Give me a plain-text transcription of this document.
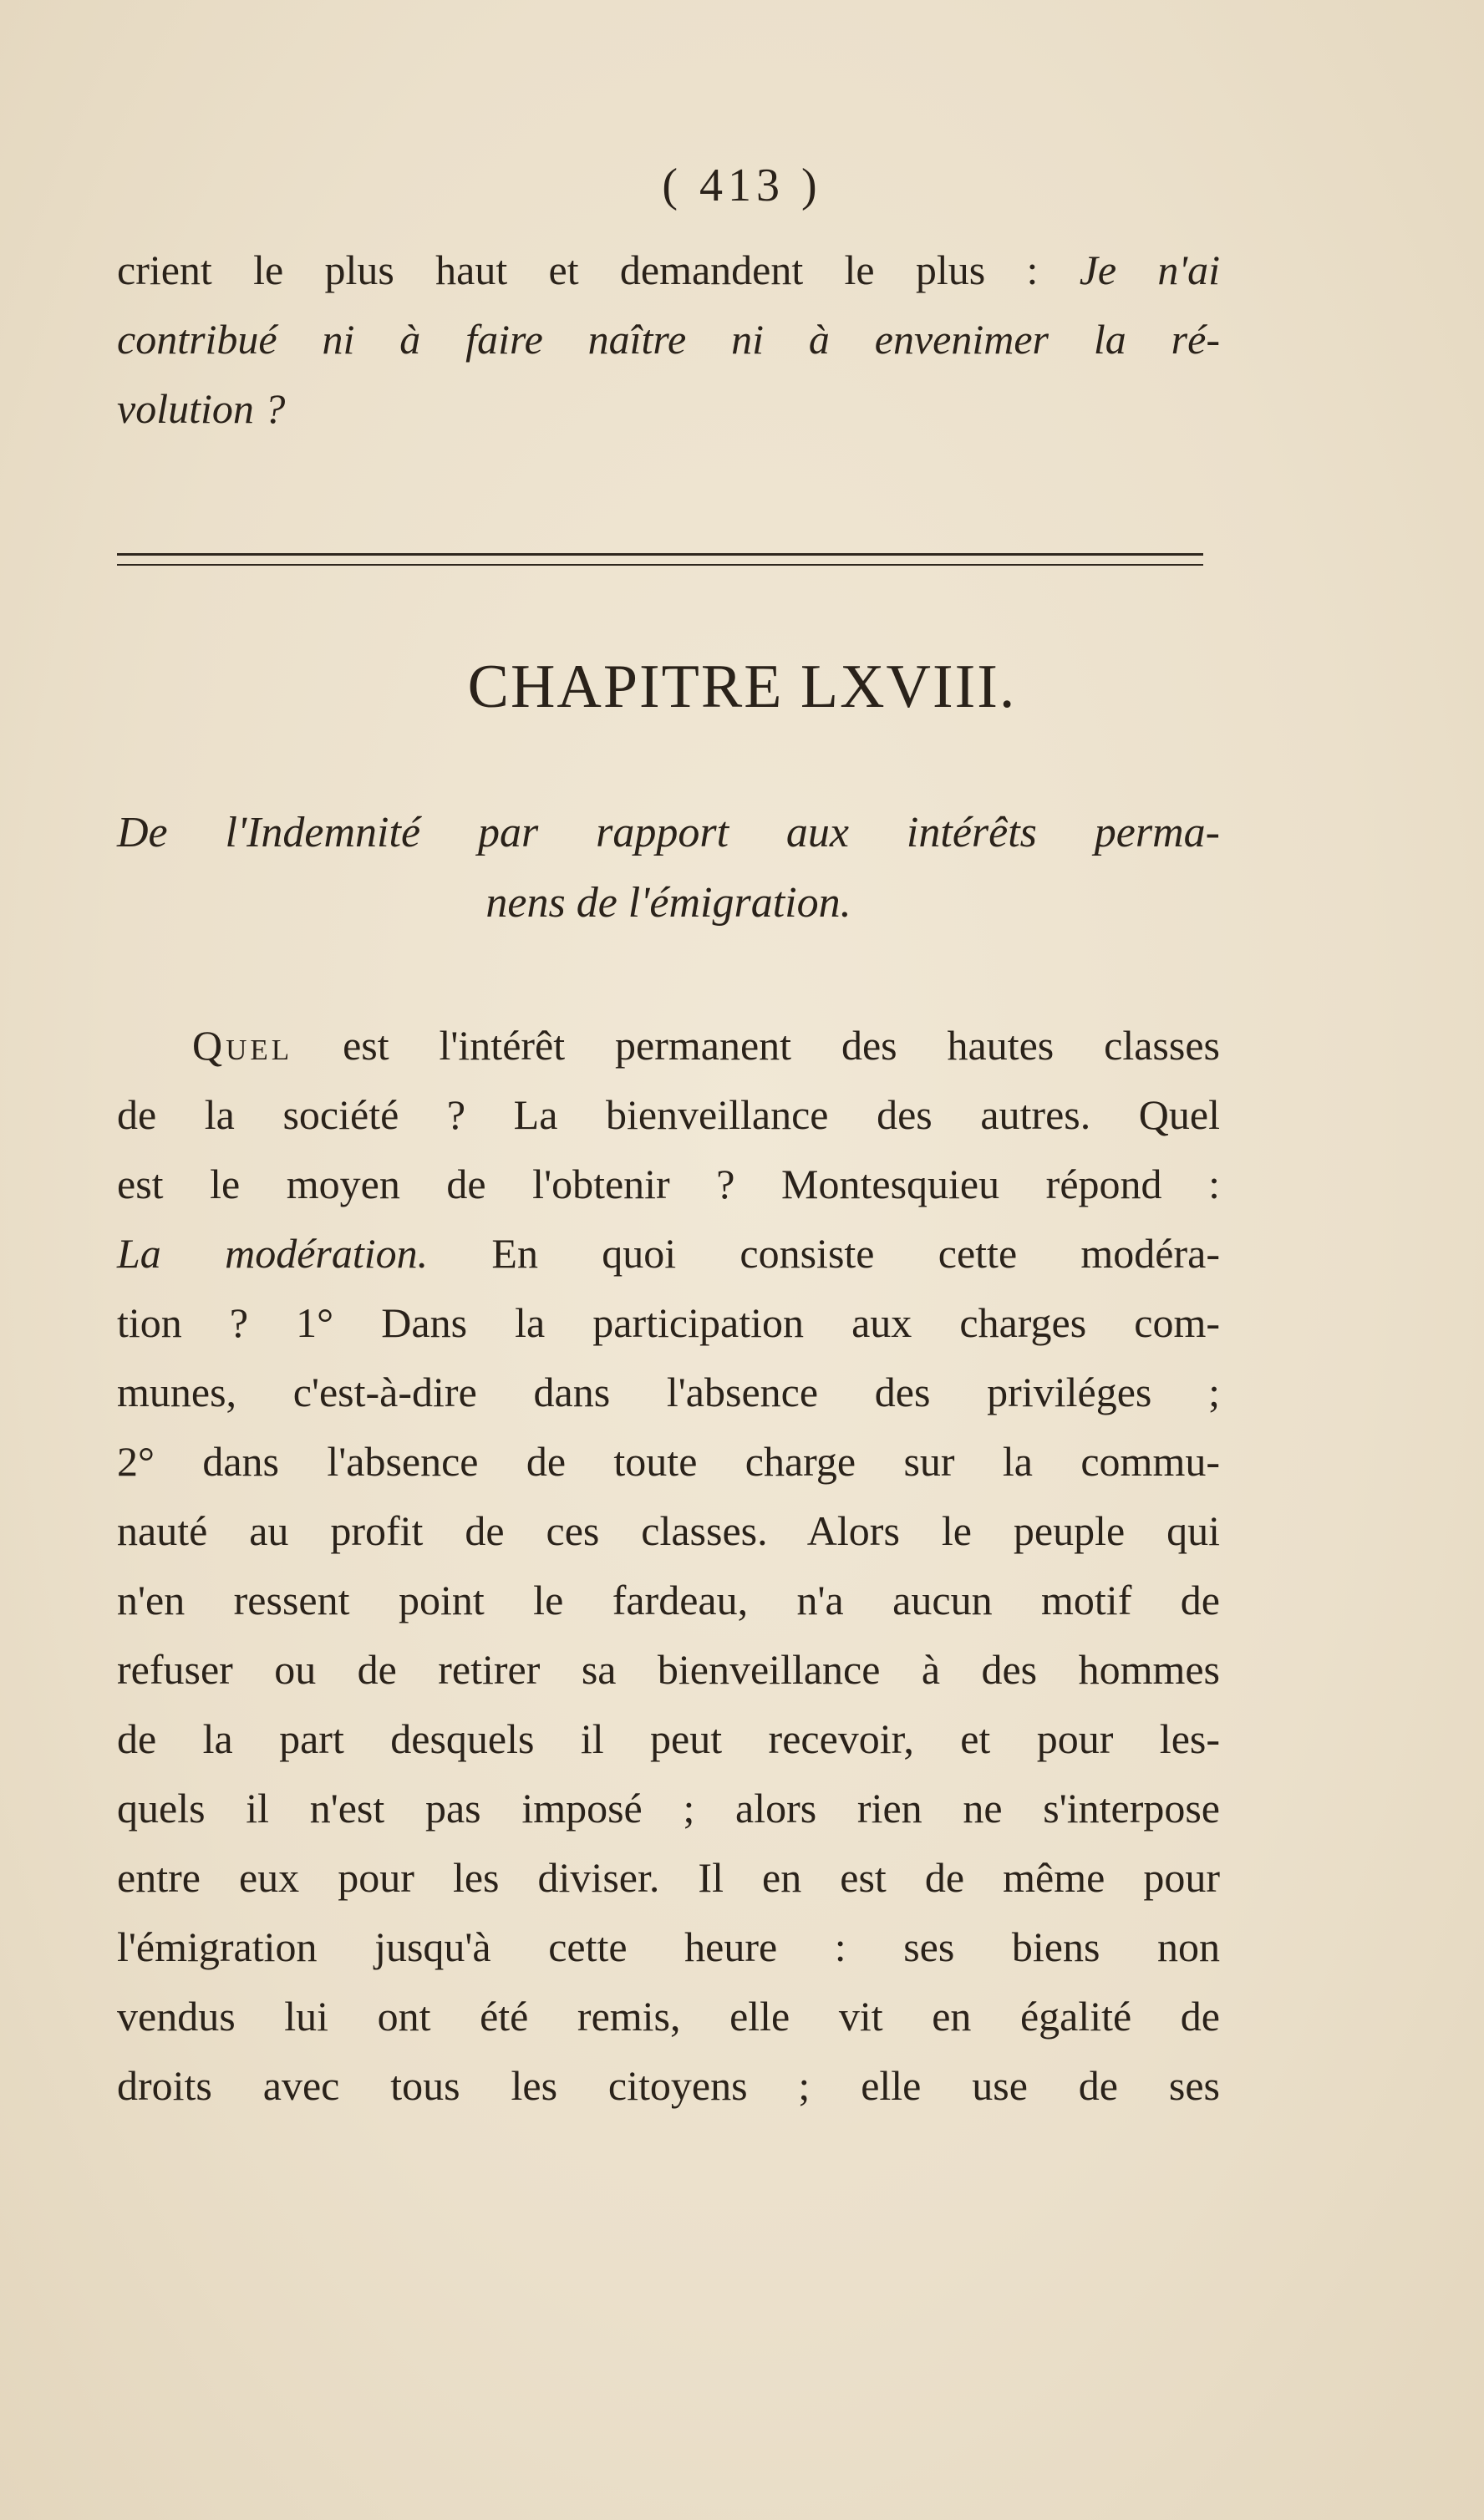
( 413 )
crient le plus haut et demandent le plus : Je n'ai
contribué ni à faire naître ni à envenimer la ré-
volution ?
CHAPITRE LXVIII.
De l'Indemnité par rapport aux intérêts perma-
nens de l'émigration.
Quel est l'intérêt permanent des hautes classes
de la société ? La bienveillance des autres. Quel
est le moyen de l'obtenir ? Montesquieu répond :
La modération. En quoi consiste cette modéra-
tion ? 1° Dans la participation aux charges com-
munes, c'est-à-dire dans l'absence des priviléges ;
2° dans l'absence de toute charge sur la commu-
nauté au profit de ces classes. Alors le peuple qui
n'en ressent point le fardeau, n'a aucun motif de
refuser ou de retirer sa bienveillance à des hommes
de la part desquels il peut recevoir, et pour les-
quels il n'est pas imposé ; alors rien ne s'interpose
entre eux pour les diviser. Il en est de même pour
l'émigration jusqu'à cette heure : ses biens non
vendus lui ont été remis, elle vit en égalité de
droits avec tous les citoyens ; elle use de ses
